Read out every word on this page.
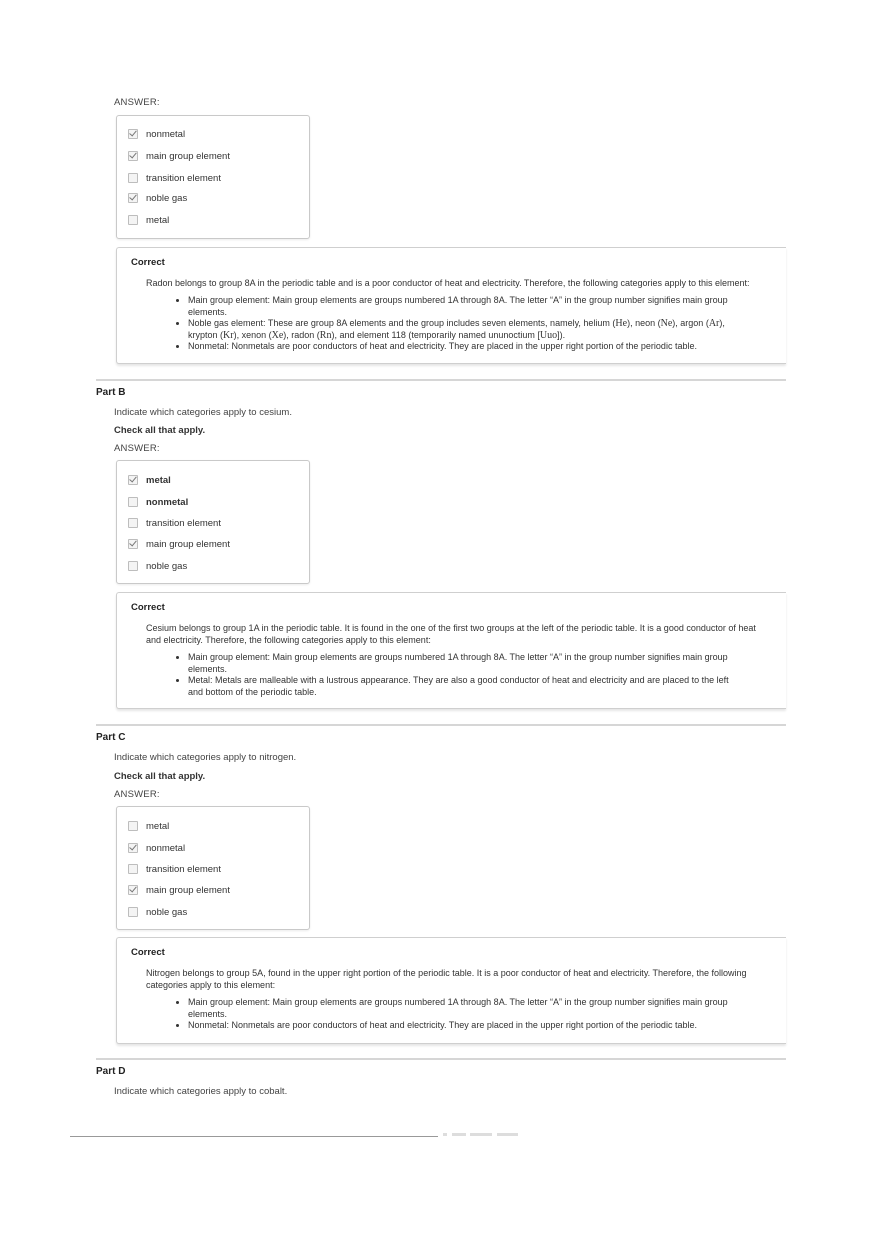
ANSWER:
nonmetal
main group element
transition element
noble gas
metal
Correct
Radon belongs to group 8A in the periodic table and is a poor conductor of heat and electricity. Therefore, the following categories apply to this element:
• Main group element: Main group elements are groups numbered 1A through 8A. The letter “A” in the group number signifies main group elements.
• Noble gas element: These are group 8A elements and the group includes seven elements, namely, helium (He), neon (Ne), argon (Ar), krypton (Kr), xenon (Xe), radon (Rn), and element 118 (temporarily named ununoctium [Uuo]).
• Nonmetal: Nonmetals are poor conductors of heat and electricity. They are placed in the upper right portion of the periodic table.
Part B
Indicate which categories apply to cesium.
Check all that apply.
ANSWER:
metal
nonmetal
transition element
main group element
noble gas
Correct
Cesium belongs to group 1A in the periodic table. It is found in the one of the first two groups at the left of the periodic table. It is a good conductor of heat and electricity. Therefore, the following categories apply to this element:
• Main group element: Main group elements are groups numbered 1A through 8A. The letter “A” in the group number signifies main group elements.
• Metal: Metals are malleable with a lustrous appearance. They are also a good conductor of heat and electricity and are placed to the left and bottom of the periodic table.
Part C
Indicate which categories apply to nitrogen.
Check all that apply.
ANSWER:
metal
nonmetal
transition element
main group element
noble gas
Correct
Nitrogen belongs to group 5A, found in the upper right portion of the periodic table. It is a poor conductor of heat and electricity. Therefore, the following categories apply to this element:
• Main group element: Main group elements are groups numbered 1A through 8A. The letter “A” in the group number signifies main group elements.
• Nonmetal: Nonmetals are poor conductors of heat and electricity. They are placed in the upper right portion of the periodic table.
Part D
Indicate which categories apply to cobalt.
